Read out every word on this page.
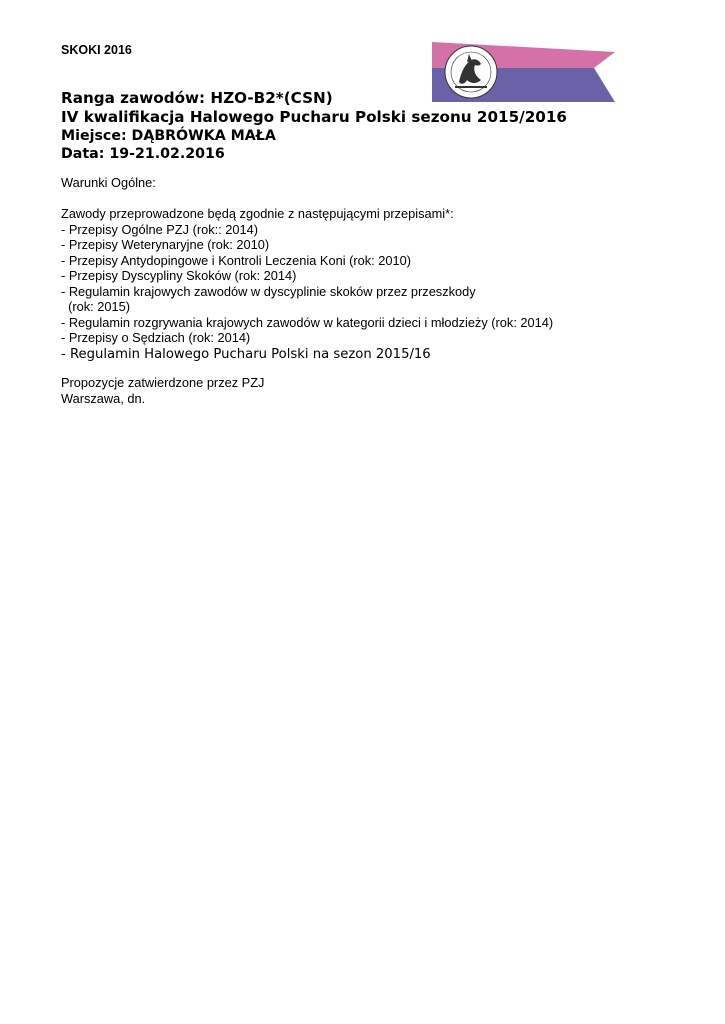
SKOKI 2016
Ranga zawodów: HZO-B2*(CSN)
IV kwalifikacja Halowego Pucharu Polski sezonu 2015/2016
Miejsce: DĄBRÓWKA MAŁA
Data: 19-21.02.2016
Warunki Ogólne:
Zawody przeprowadzone będą zgodnie z następującymi przepisami*:
- Przepisy Ogólne PZJ (rok:: 2014)
- Przepisy Weterynaryjne (rok: 2010)
- Przepisy Antydopingowe i Kontroli Leczenia Koni (rok: 2010)
- Przepisy Dyscypliny Skoków (rok: 2014)
- Regulamin krajowych zawodów w dyscyplinie skoków przez przeszkody
(rok: 2015)
- Regulamin rozgrywania krajowych zawodów w kategorii dzieci i młodzieży (rok: 2014)
- Przepisy o Sędziach (rok: 2014)
- Regulamin Halowego Pucharu Polski na sezon 2015/16
Propozycje zatwierdzone przez PZJ
Warszawa, dn.
